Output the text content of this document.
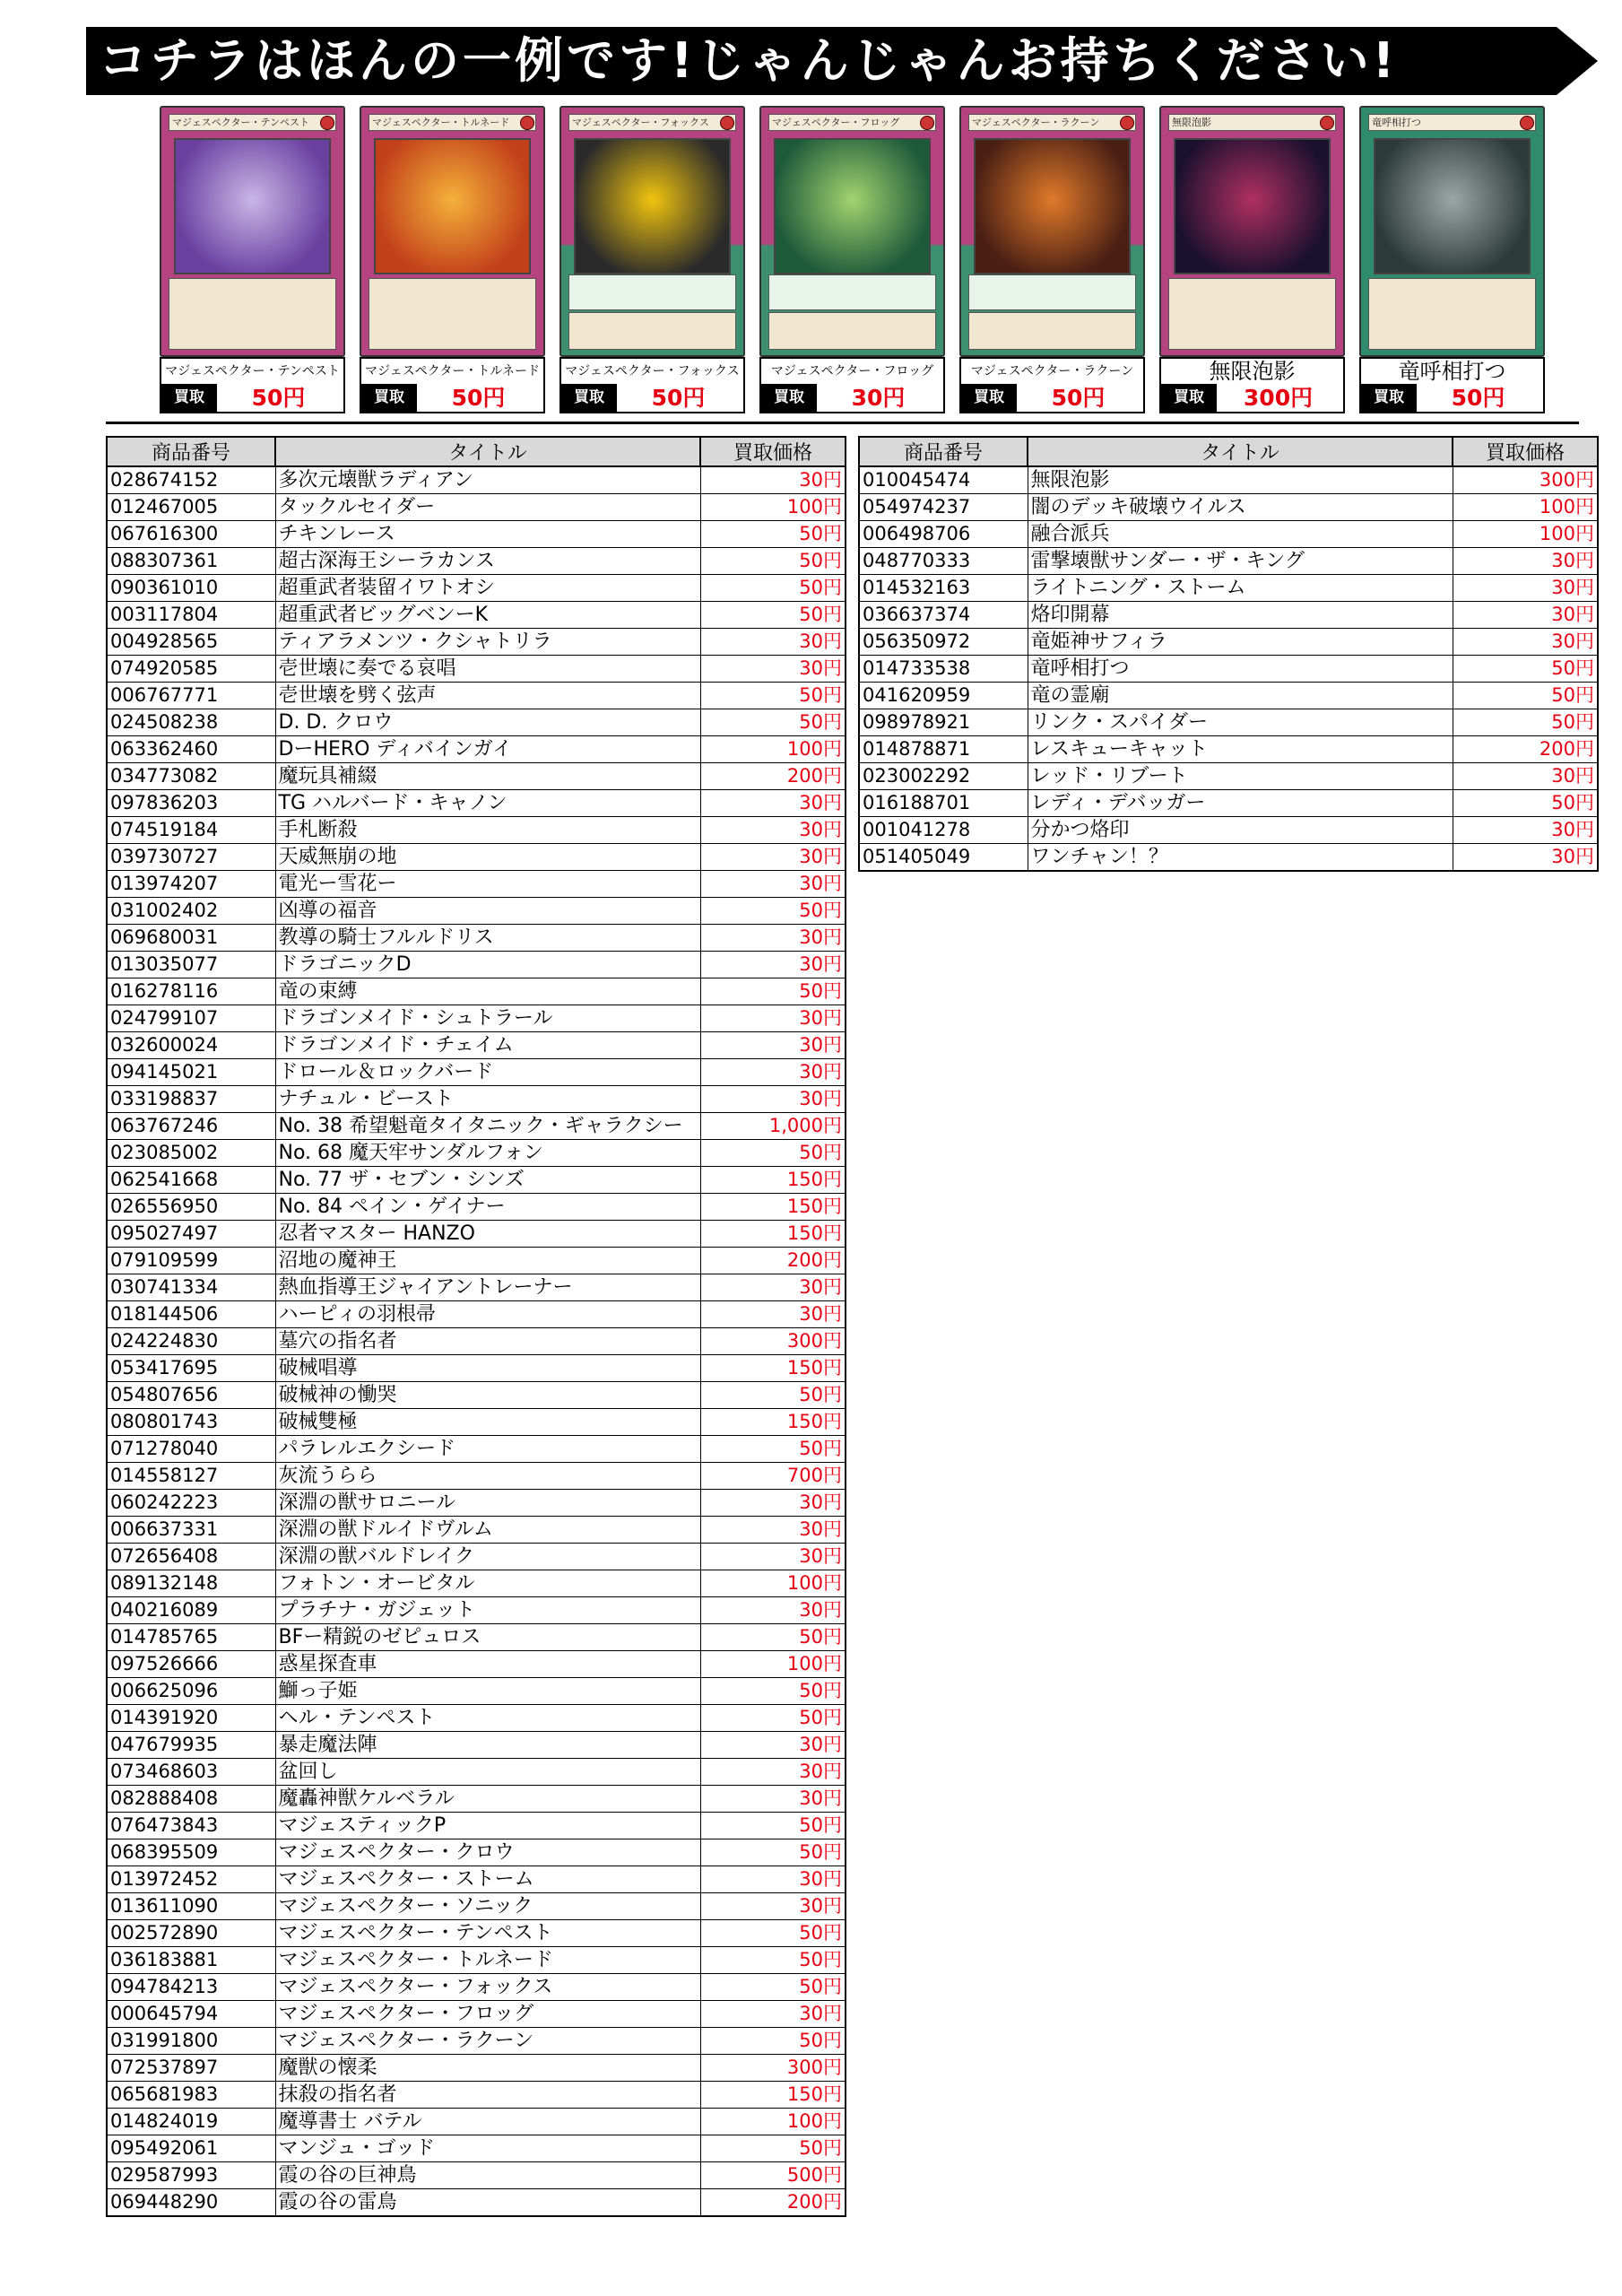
コチラはほんの一例です!じゃんじゃんお持ちください!
マジェスペクター・テンペスト
マジェスペクター・テンペスト
買取	50円
マジェスペクター・トルネード
マジェスペクター・トルネード
買取	50円
マジェスペクター・フォックス
マジェスペクター・フォックス
買取	50円
マジェスペクター・フロッグ
マジェスペクター・フロッグ
買取	30円
マジェスペクター・ラクーン
マジェスペクター・ラクーン
買取	50円
無限泡影
無限泡影
買取	300円
竜呼相打つ
竜呼相打つ
買取	50円
商品番号	タイトル	買取価格
028674152	多次元壊獣ラディアン	30円
012467005	タックルセイダー	100円
067616300	チキンレース	50円
088307361	超古深海王シーラカンス	50円
090361010	超重武者装留イワトオシ	50円
003117804	超重武者ビッグベンーK	50円
004928565	ティアラメンツ・クシャトリラ	30円
074920585	壱世壊に奏でる哀唱	30円
006767771	壱世壊を劈く弦声	50円
024508238	D. D. クロウ	50円
063362460	DーHERO ディバインガイ	100円
034773082	魔玩具補綴	200円
097836203	TG ハルバード・キャノン	30円
074519184	手札断殺	30円
039730727	天威無崩の地	30円
013974207	電光ー雪花ー	30円
031002402	凶導の福音	50円
069680031	教導の騎士フルルドリス	30円
013035077	ドラゴニックD	30円
016278116	竜の束縛	50円
024799107	ドラゴンメイド・シュトラール	30円
032600024	ドラゴンメイド・チェイム	30円
094145021	ドロール＆ロックバード	30円
033198837	ナチュル・ビースト	30円
063767246	No. 38 希望魁竜タイタニック・ギャラクシー	1,000円
023085002	No. 68 魔天牢サンダルフォン	50円
062541668	No. 77 ザ・セブン・シンズ	150円
026556950	No. 84 ペイン・ゲイナー	150円
095027497	忍者マスター HANZO	150円
079109599	沼地の魔神王	200円
030741334	熱血指導王ジャイアントレーナー	30円
018144506	ハーピィの羽根帚	30円
024224830	墓穴の指名者	300円
053417695	破械唱導	150円
054807656	破械神の慟哭	50円
080801743	破械雙極	150円
071278040	パラレルエクシード	50円
014558127	灰流うらら	700円
060242223	深淵の獣サロニール	30円
006637331	深淵の獣ドルイドヴルム	30円
072656408	深淵の獣バルドレイク	30円
089132148	フォトン・オービタル	100円
040216089	プラチナ・ガジェット	30円
014785765	BFー精鋭のゼピュロス	50円
097526666	惑星探査車	100円
006625096	鰤っ子姫	50円
014391920	ヘル・テンペスト	50円
047679935	暴走魔法陣	30円
073468603	盆回し	30円
082888408	魔轟神獣ケルベラル	30円
076473843	マジェスティックP	50円
068395509	マジェスペクター・クロウ	50円
013972452	マジェスペクター・ストーム	30円
013611090	マジェスペクター・ソニック	30円
002572890	マジェスペクター・テンペスト	50円
036183881	マジェスペクター・トルネード	50円
094784213	マジェスペクター・フォックス	50円
000645794	マジェスペクター・フロッグ	30円
031991800	マジェスペクター・ラクーン	50円
072537897	魔獣の懐柔	300円
065681983	抹殺の指名者	150円
014824019	魔導書士 バテル	100円
095492061	マンジュ・ゴッド	50円
029587993	霞の谷の巨神鳥	500円
069448290	霞の谷の雷鳥	200円
商品番号	タイトル	買取価格
010045474	無限泡影	300円
054974237	闇のデッキ破壊ウイルス	100円
006498706	融合派兵	100円
048770333	雷撃壊獣サンダー・ザ・キング	30円
014532163	ライトニング・ストーム	30円
036637374	烙印開幕	30円
056350972	竜姫神サフィラ	30円
014733538	竜呼相打つ	50円
041620959	竜の霊廟	50円
098978921	リンク・スパイダー	50円
014878871	レスキューキャット	200円
023002292	レッド・リブート	30円
016188701	レディ・デバッガー	50円
001041278	分かつ烙印	30円
051405049	ワンチャン！？	30円
